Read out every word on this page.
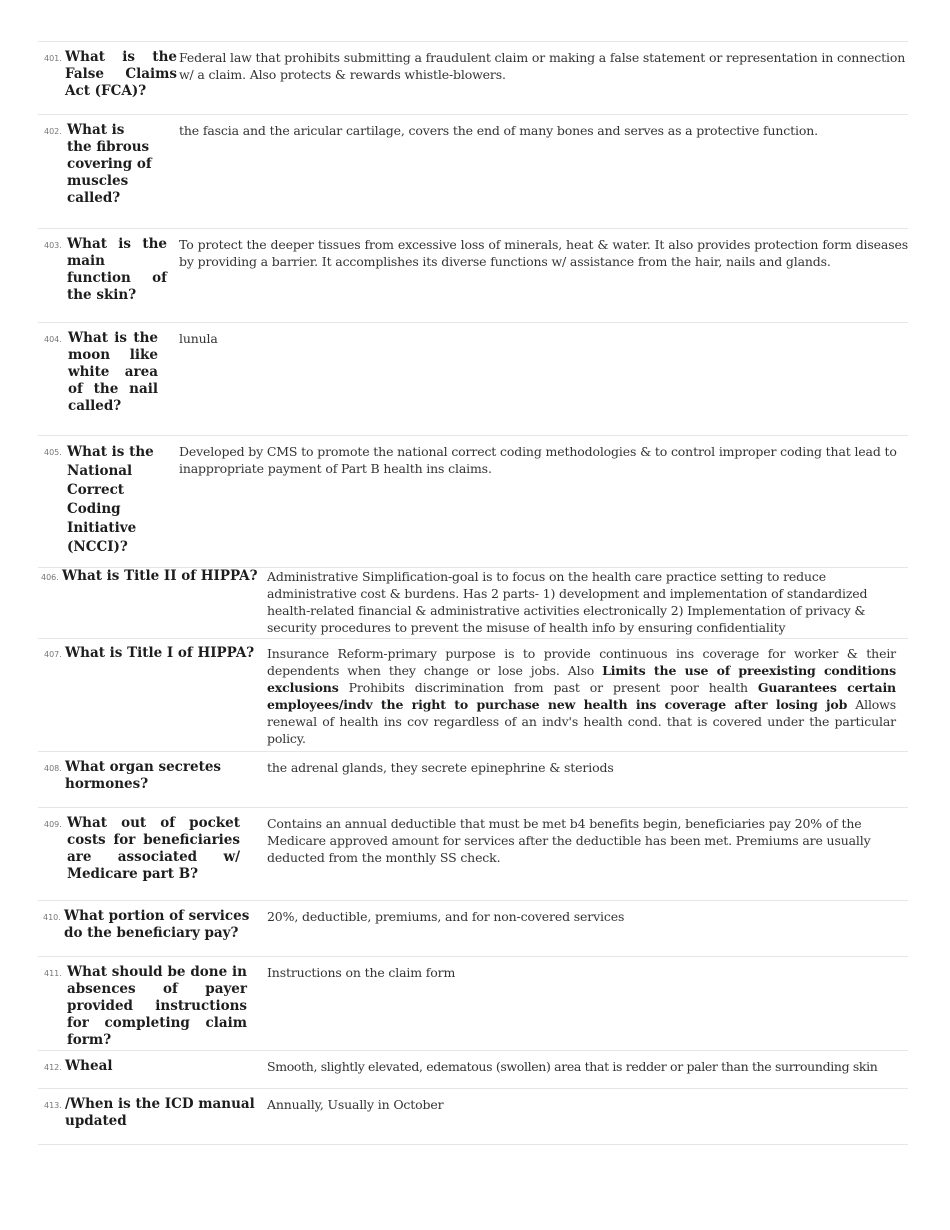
401. What is the False Claims Act (FCA)?
Federal law that prohibits submitting a fraudulent claim or making a false statement or representation in connection w/ a claim. Also protects & rewards whistle-blowers.
402. What is the fibrous covering of muscles called?
the fascia and the aricular cartilage, covers the end of many bones and serves as a protective function.
403. What is the main function of the skin?
To protect the deeper tissues from excessive loss of minerals, heat & water. It also provides protection form diseases by providing a barrier. It accomplishes its diverse functions w/ assistance from the hair, nails and glands.
404. What is the moon like white area of the nail called?
lunula
405. What is the National Correct Coding Initiative (NCCI)?
Developed by CMS to promote the national correct coding methodologies & to control improper coding that lead to inappropriate payment of Part B health ins claims.
406. What is Title II of HIPPA? Administrative Simplification-goal is to focus on the health care practice setting to reduce administrative cost & burdens. Has 2 parts- 1) development and implementation of standardized health-related financial & administrative activities electronically 2) Implementation of privacy & security procedures to prevent the misuse of health info by ensuring confidentiality
407. What is Title I of HIPPA?	Insurance Reform-primary purpose is to provide continuous ins coverage for worker & their dependents when they change or lose jobs. Also Limits the use of preexisting conditions exclusions Prohibits discrimination from past or present poor health Guarantees certain employees/indv the right to purchase new health ins coverage after losing job Allows renewal of health ins cov regardless of an indv's health cond. that is covered under the particular policy.
408. What organ secretes hormones?
the adrenal glands, they secrete epinephrine & steriods
409. What out of pocket costs for beneficiaries are associated w/ Medicare part B?
Contains an annual deductible that must be met b4 benefits begin, beneficiaries pay 20% of the Medicare approved amount for services after the deductible has been met. Premiums are usually deducted from the monthly SS check.
410. What portion of services do the beneficiary pay?
20%, deductible, premiums, and for non-covered services
411. What should be done in absences of payer provided instructions for completing claim form?
Instructions on the claim form
412. Wheal	Smooth, slightly elevated, edematous (swollen) area that is redder or paler than the surrounding skin
413. /When is the ICD manual updated
Annually, Usually in October
